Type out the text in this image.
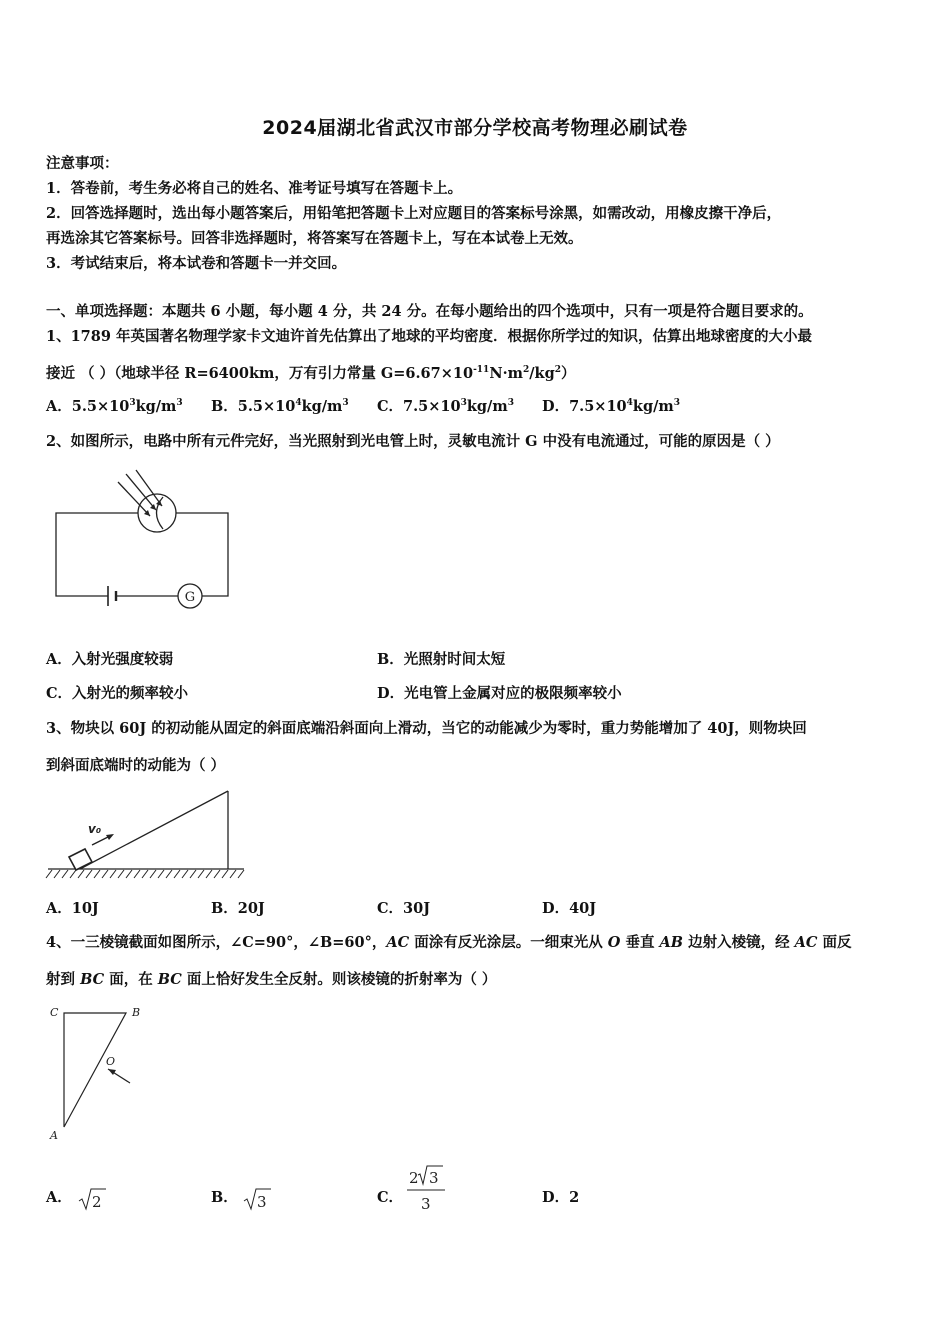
2024届湖北省武汉市部分学校高考物理必刷试卷
注意事项：
1．答卷前，考生务必将自己的姓名、准考证号填写在答题卡上。
2．回答选择题时，选出每小题答案后，用铅笔把答题卡上对应题目的答案标号涂黑，如需改动，用橡皮擦干净后，
再选涂其它答案标号。回答非选择题时，将答案写在答题卡上，写在本试卷上无效。
3．考试结束后，将本试卷和答题卡一并交回。
一、单项选择题：本题共 6 小题，每小题 4 分，共 24 分。在每小题给出的四个选项中，只有一项是符合题目要求的。
1、1789 年英国著名物理学家卡文迪许首先估算出了地球的平均密度．根据你所学过的知识，估算出地球密度的大小最
接近 （ ）（地球半径 R=6400km，万有引力常量 $G=6.67\times 10^{-11}N\cdot m^2/kg^2$）
A．$5.5\times 10^3kg/m^3$ B．$5.5\times 10^4kg/m^3$ C．$7.5\times 10^3kg/m^3$ D．$7.5\times 10^4kg/m^3$
2、如图所示，电路中所有元件完好，当光照射到光电管上时，灵敏电流计 G 中没有电流通过，可能的原因是（ ）
G
A．入射光强度较弱	B．光照射时间太短
C．入射光的频率较小	D．光电管上金属对应的极限频率较小
3、物块以 60J 的初动能从固定的斜面底端沿斜面向上滑动，当它的动能减少为零时，重力势能增加了 40J，则物块回
到斜面底端时的动能为（ ）
v₀
A．10J	B．20J	C．30J	D．40J
4、一三棱镜截面如图所示，∠C=90°，∠B=60°，AC 面涂有反光涂层。一细束光从 O 垂直 AB 边射入棱镜，经 AC 面反
射到 BC 面，在 BC 面上恰好发生全反射。则该棱镜的折射率为（ ）
C	B
O
A
A． 2	B． 3	C．
2 3
3	D．2
